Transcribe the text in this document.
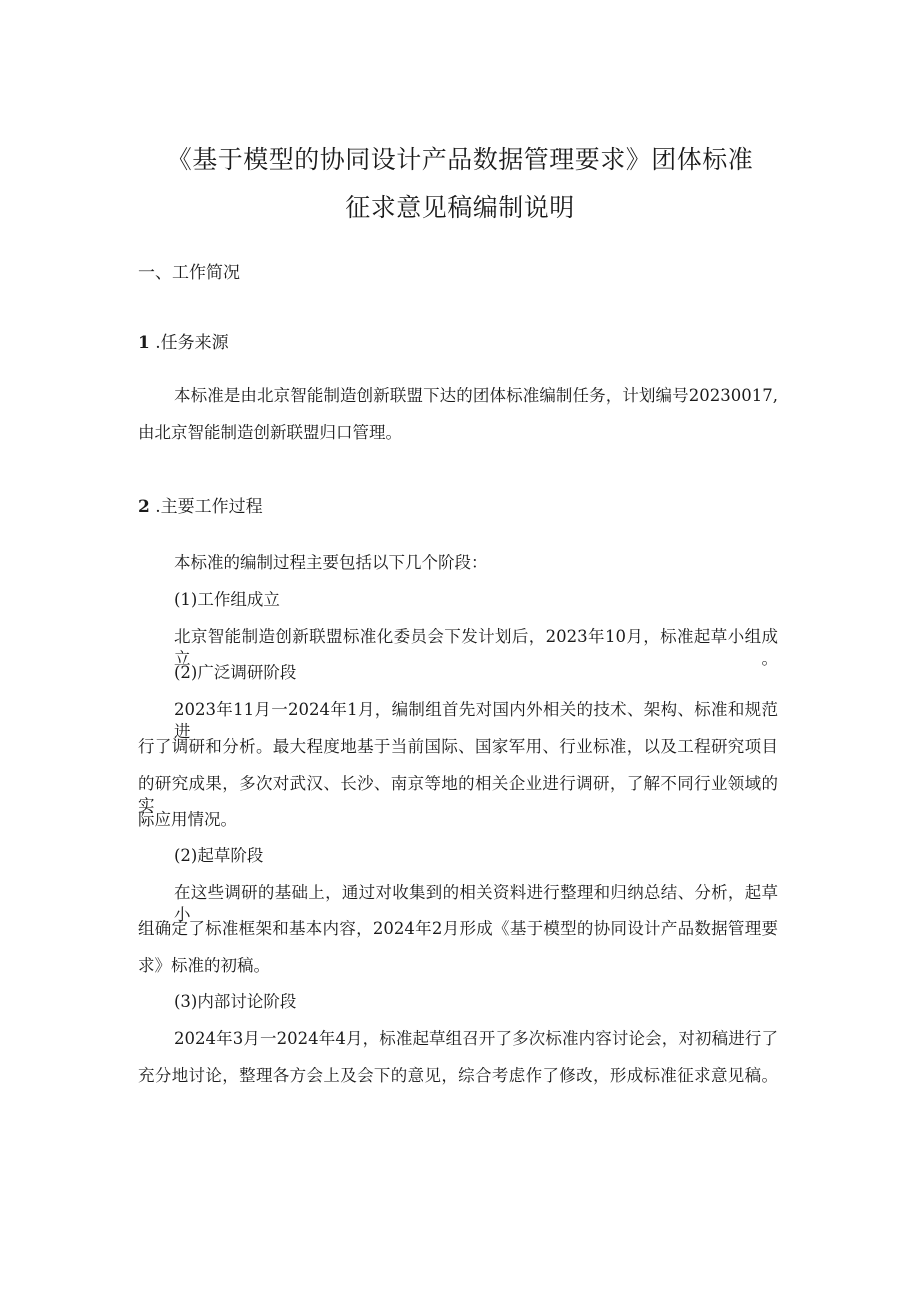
《基于模型的协同设计产品数据管理要求》团体标准
征求意见稿编制说明
一、工作简况
1 .任务来源
本标准是由北京智能制造创新联盟下达的团体标准编制任务，计划编号20230017,
由北京智能制造创新联盟归口管理。
2 .主要工作过程
本标准的编制过程主要包括以下几个阶段：
(1)工作组成立
北京智能制造创新联盟标准化委员会下发计划后，2023年10月，标准起草小组成立。
(2)广泛调研阶段
2023年11月一2024年1月，编制组首先对国内外相关的技术、架构、标准和规范进
行了调研和分析。最大程度地基于当前国际、国家军用、行业标准，以及工程研究项目
的研究成果，多次对武汉、长沙、南京等地的相关企业进行调研，了解不同行业领域的实
际应用情况。
(2)起草阶段
在这些调研的基础上，通过对收集到的相关资料进行整理和归纳总结、分析，起草小
组确定了标准框架和基本内容，2024年2月形成《基于模型的协同设计产品数据管理要
求》标准的初稿。
(3)内部讨论阶段
2024年3月一2024年4月，标准起草组召开了多次标准内容讨论会，对初稿进行了
充分地讨论，整理各方会上及会下的意见，综合考虑作了修改，形成标准征求意见稿。
